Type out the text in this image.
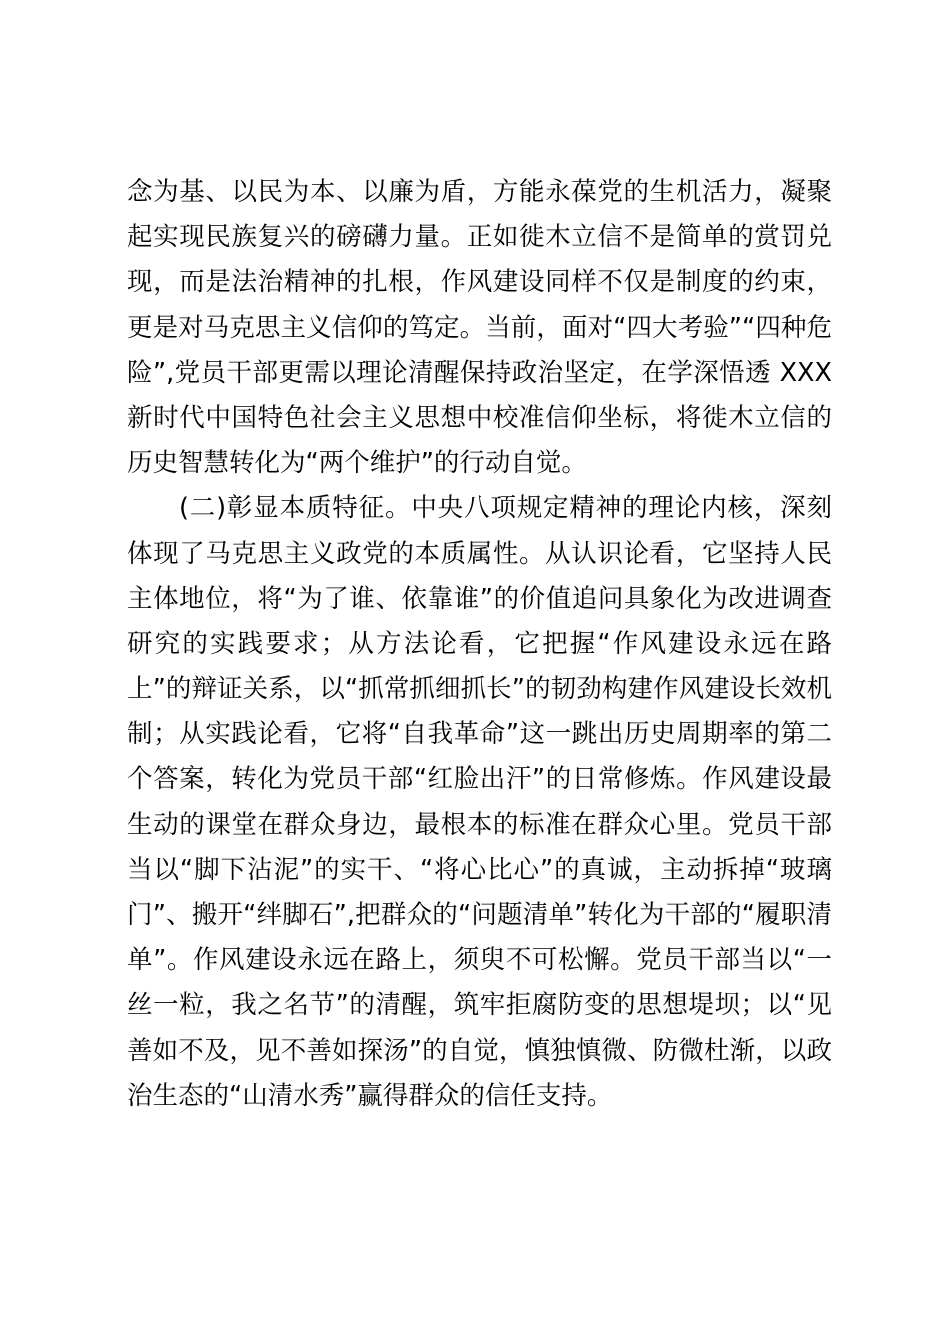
念为基、以民为本、以廉为盾，方能永葆党的生机活力，凝聚
起实现民族复兴的磅礴力量。正如徙木立信不是简单的赏罚兑
现，而是法治精神的扎根，作风建设同样不仅是制度的约束，
更是对马克思主义信仰的笃定。当前，面对“四大考验”“四种危
险”,党员干部更需以理论清醒保持政治坚定，在学深悟透 XXX
新时代中国特色社会主义思想中校准信仰坐标，将徙木立信的
历史智慧转化为“两个维护”的行动自觉。
(二)彰显本质特征。中央八项规定精神的理论内核，深刻
体现了马克思主义政党的本质属性。从认识论看，它坚持人民
主体地位，将“为了谁、依靠谁”的价值追问具象化为改进调查
研究的实践要求；从方法论看，它把握“作风建设永远在路
上”的辩证关系，以“抓常抓细抓长”的韧劲构建作风建设长效机
制；从实践论看，它将“自我革命”这一跳出历史周期率的第二
个答案，转化为党员干部“红脸出汗”的日常修炼。作风建设最
生动的课堂在群众身边，最根本的标准在群众心里。党员干部
当以“脚下沾泥”的实干、“将心比心”的真诚，主动拆掉“玻璃
门”、搬开“绊脚石”,把群众的“问题清单”转化为干部的“履职清
单”。作风建设永远在路上，须臾不可松懈。党员干部当以“一
丝一粒，我之名节”的清醒，筑牢拒腐防变的思想堤坝；以“见
善如不及，见不善如探汤”的自觉，慎独慎微、防微杜渐，以政
治生态的“山清水秀”赢得群众的信任支持。
